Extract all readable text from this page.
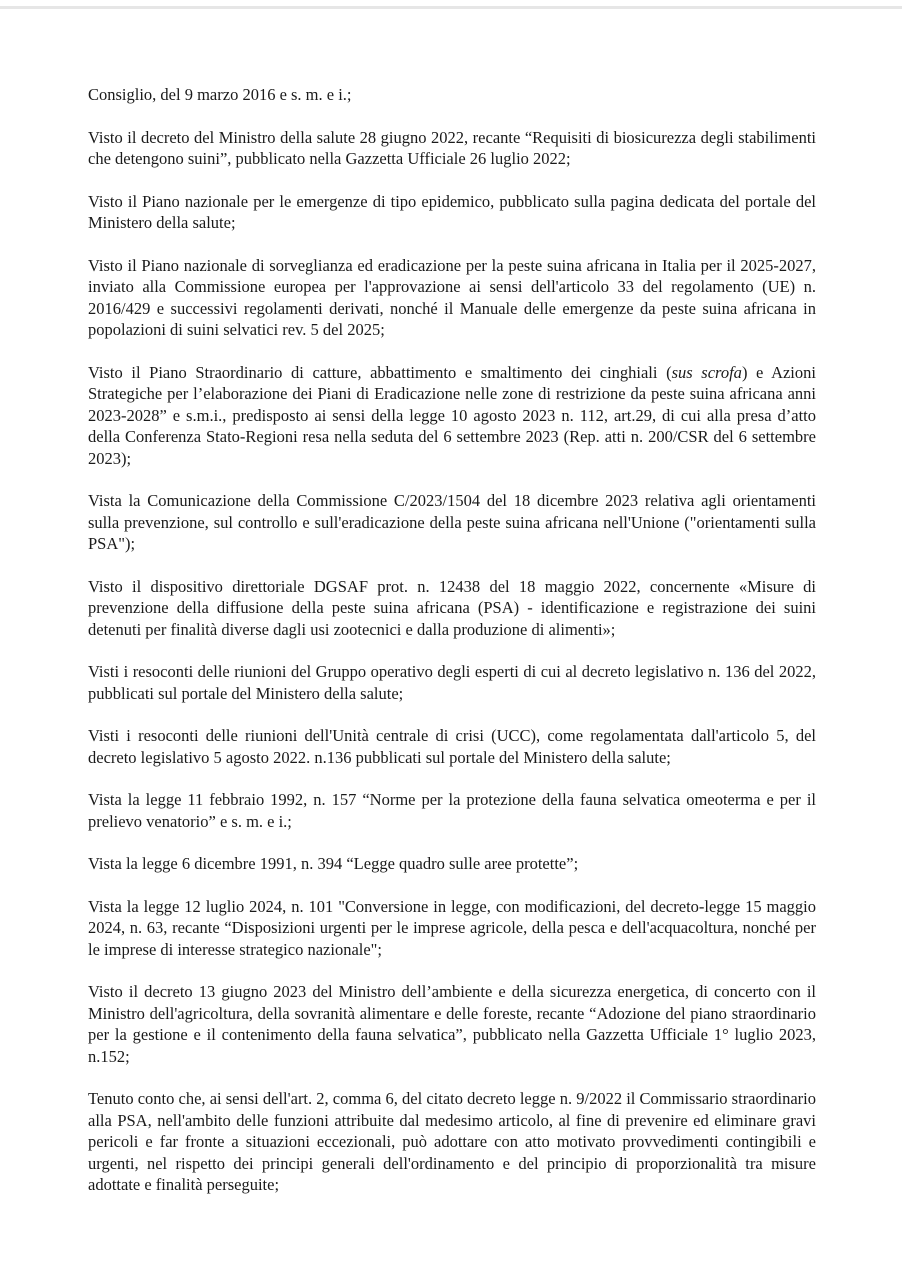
Consiglio, del 9 marzo 2016 e s. m. e i.;

Visto il decreto del Ministro della salute 28 giugno 2022, recante “Requisiti di biosicurezza degli stabilimenti che detengono suini”, pubblicato nella Gazzetta Ufficiale 26 luglio 2022;

Visto il Piano nazionale per le emergenze di tipo epidemico, pubblicato sulla pagina dedicata del portale del Ministero della salute;

Visto il Piano nazionale di sorveglianza ed eradicazione per la peste suina africana in Italia per il 2025-2027, inviato alla Commissione europea per l'approvazione ai sensi dell'articolo 33 del regolamento (UE) n. 2016/429 e successivi regolamenti derivati, nonché il Manuale delle emergenze da peste suina africana in popolazioni di suini selvatici rev. 5 del 2025;

Visto il Piano Straordinario di catture, abbattimento e smaltimento dei cinghiali (sus scrofa) e Azioni Strategiche per l’elaborazione dei Piani di Eradicazione nelle zone di restrizione da peste suina africana anni 2023-2028” e s.m.i., predisposto ai sensi della legge 10 agosto 2023 n. 112, art.29, di cui alla presa d’atto della Conferenza Stato-Regioni resa nella seduta del 6 settembre 2023 (Rep. atti n. 200/CSR del 6 settembre 2023);

Vista la Comunicazione della Commissione C/2023/1504 del 18 dicembre 2023 relativa agli orientamenti sulla prevenzione, sul controllo e sull'eradicazione della peste suina africana nell'Unione ("orientamenti sulla PSA");

Visto il dispositivo direttoriale DGSAF prot. n. 12438 del 18 maggio 2022, concernente «Misure di prevenzione della diffusione della peste suina africana (PSA) - identificazione e registrazione dei suini detenuti per finalità diverse dagli usi zootecnici e dalla produzione di alimenti»;

Visti i resoconti delle riunioni del Gruppo operativo degli esperti di cui al decreto legislativo n. 136 del 2022, pubblicati sul portale del Ministero della salute;

Visti i resoconti delle riunioni dell'Unità centrale di crisi (UCC), come regolamentata dall'articolo 5, del decreto legislativo 5 agosto 2022. n.136 pubblicati sul portale del Ministero della salute;

Vista la legge 11 febbraio 1992, n. 157 “Norme per la protezione della fauna selvatica omeoterma e per il prelievo venatorio” e s. m. e i.;

Vista la legge 6 dicembre 1991, n. 394 “Legge quadro sulle aree protette”;

Vista la legge 12 luglio 2024, n. 101 "Conversione in legge, con modificazioni, del decreto-legge 15 maggio 2024, n. 63, recante “Disposizioni urgenti per le imprese agricole, della pesca e dell'acquacoltura, nonché per le imprese di interesse strategico nazionale";

Visto il decreto 13 giugno 2023 del Ministro dell’ambiente e della sicurezza energetica, di concerto con il Ministro dell'agricoltura, della sovranità alimentare e delle foreste, recante “Adozione del piano straordinario per la gestione e il contenimento della fauna selvatica”, pubblicato nella Gazzetta Ufficiale 1° luglio 2023, n.152;

Tenuto conto che, ai sensi dell'art. 2, comma 6, del citato decreto legge n. 9/2022 il Commissario straordinario alla PSA, nell'ambito delle funzioni attribuite dal medesimo articolo, al fine di prevenire ed eliminare gravi pericoli e far fronte a situazioni eccezionali, può adottare con atto motivato provvedimenti contingibili e urgenti, nel rispetto dei principi generali dell'ordinamento e del principio di proporzionalità tra misure adottate e finalità perseguite;
